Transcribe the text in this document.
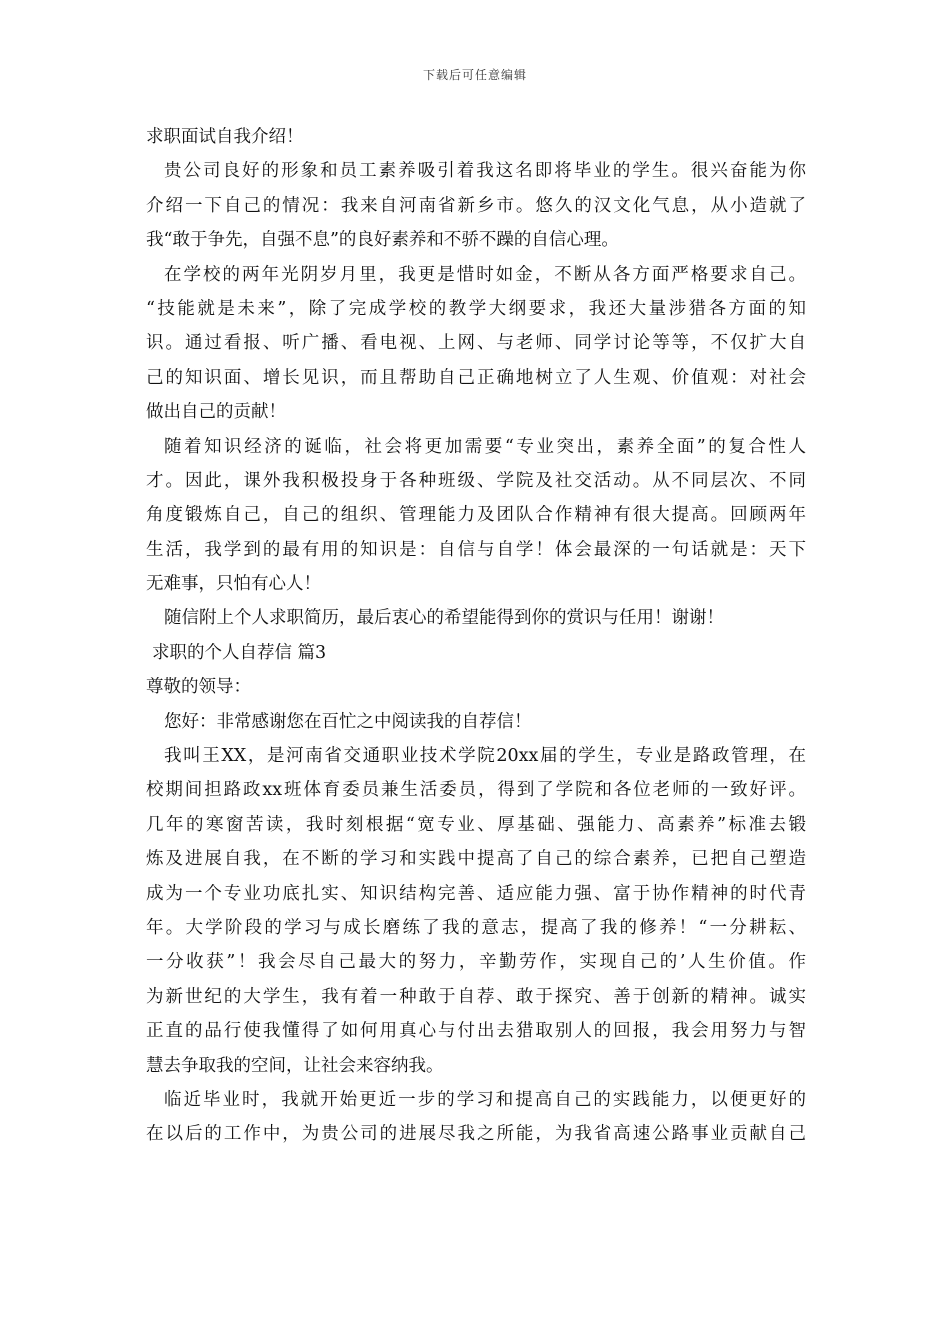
下载后可任意编辑
求职面试自我介绍！
贵公司良好的形象和员工素养吸引着我这名即将毕业的学生。很兴奋能为你
介绍一下自己的情况：我来自河南省新乡市。悠久的汉文化气息，从小造就了
我“敢于争先，自强不息”的良好素养和不骄不躁的自信心理。
在学校的两年光阴岁月里，我更是惜时如金，不断从各方面严格要求自己。
“技能就是未来”，除了完成学校的教学大纲要求，我还大量涉猎各方面的知
识。通过看报、听广播、看电视、上网、与老师、同学讨论等等，不仅扩大自
己的知识面、增长见识，而且帮助自己正确地树立了人生观、价值观：对社会
做出自己的贡献！
随着知识经济的诞临，社会将更加需要“专业突出，素养全面”的复合性人
才。因此，课外我积极投身于各种班级、学院及社交活动。从不同层次、不同
角度锻炼自己，自己的组织、管理能力及团队合作精神有很大提高。回顾两年
生活，我学到的最有用的知识是：自信与自学！体会最深的一句话就是：天下
无难事，只怕有心人！
随信附上个人求职简历，最后衷心的希望能得到你的赏识与任用！谢谢！
求职的个人自荐信 篇3
尊敬的领导：
您好：非常感谢您在百忙之中阅读我的自荐信！
我叫王XX，是河南省交通职业技术学院20xx届的学生，专业是路政管理，在
校期间担路政xx班体育委员兼生活委员，得到了学院和各位老师的一致好评。
几年的寒窗苦读，我时刻根据“宽专业、厚基础、强能力、高素养”标准去锻
炼及进展自我，在不断的学习和实践中提高了自己的综合素养，已把自己塑造
成为一个专业功底扎实、知识结构完善、适应能力强、富于协作精神的时代青
年。大学阶段的学习与成长磨练了我的意志，提高了我的修养！“一分耕耘、
一分收获”！我会尽自己最大的努力，辛勤劳作，实现自己的’人生价值。作
为新世纪的大学生，我有着一种敢于自荐、敢于探究、善于创新的精神。诚实
正直的品行使我懂得了如何用真心与付出去猎取别人的回报，我会用努力与智
慧去争取我的空间，让社会来容纳我。
临近毕业时，我就开始更近一步的学习和提高自己的实践能力，以便更好的
在以后的工作中，为贵公司的进展尽我之所能，为我省高速公路事业贡献自己
